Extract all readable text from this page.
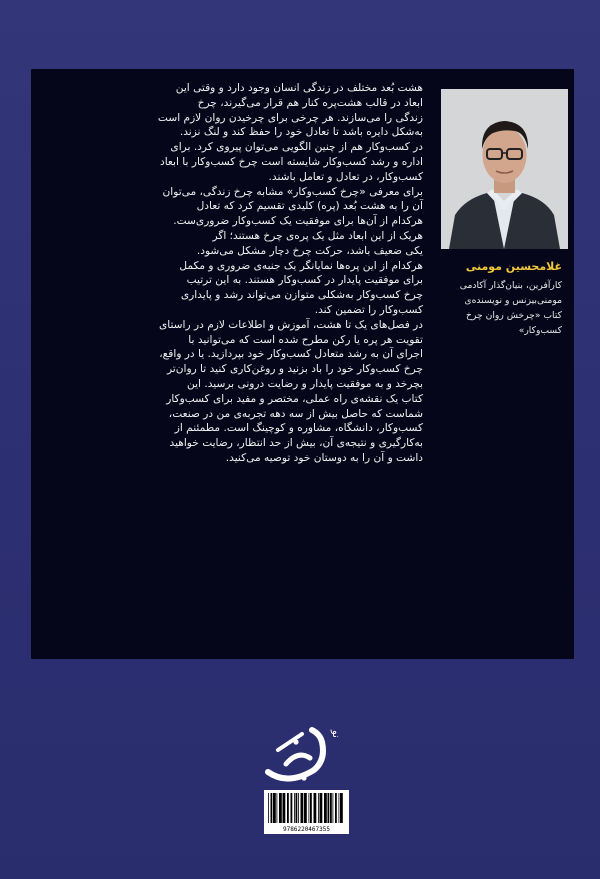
هشت بُعد مختلف در زندگی انسان وجود دارد و وقتی این

ابعاد در قالب هشت‌پره کنار هم قرار می‌گیرند، چرخ

زندگی را می‌سازند. هر چرخی برای چرخیدن روان لازم است

به‌شکل دایره باشد تا تعادل خود را حفظ کند و لنگ نزند.

در کسب‌وکار هم از چنین الگویی می‌توان پیروی کرد. برای

اداره و رشد کسب‌وکار شایسته است چرخ کسب‌وکار با ابعاد

کسب‌وکار، در تعادل و تعامل باشند.

برای معرفی «چرخ کسب‌وکار» مشابه چرخ زندگی، می‌توان

آن را به هشت بُعد (پره) کلیدی تقسیم کرد که تعادل

هرکدام از آن‌ها برای موفقیت یک کسب‌وکار ضروری‌ست.

هریک از این ابعاد مثل یک پره‌ی چرخ هستند؛ اگر

یکی ضعیف باشد، حرکت چرخ دچار مشکل می‌شود.

هرکدام از این پره‌ها نمایانگر یک جنبه‌ی ضروری و مکمل

برای موفقیت پایدار در کسب‌وکار هستند. به این ترتیب

چرخ کسب‌وکار به‌شکلی متوازن می‌تواند رشد و پایداری

کسب‌وکار را تضمین کند.

در فصل‌های یک تا هشت، آموزش و اطلاعات لازم در راستای

تقویت هر پره یا رکن مطرح شده است که می‌توانید با

اجرای آن به رشد متعادل کسب‌وکار خود بپردازید. یا در واقع،

چرخ کسب‌وکار خود را باد بزنید و روغن‌کاری کنید تا روان‌تر

بچرخد و به موفقیت پایدار و رضایت درونی برسید. این

کتاب یک نقشه‌ی راه عملی، مختصر و مفید برای کسب‌وکار

شماست که حاصل بیش از سه دهه تجربه‌ی من در صنعت،

کسب‌وکار، دانشگاه، مشاوره و کوچینگ است. مطمئنم از

به‌کارگیری و نتیجه‌ی آن، بیش از حد انتظار، رضایت خواهید

داشت و آن را به دوستان خود توصیه می‌کنید.

غلامحسین مومنی
کارآفرین، بنیان‌گذار آکادمی
مومنی‌بیزنس و نویسنده‌ی
کتاب «چرخش روان چرخ
کسب‌وکار»
نو
9786220467355
